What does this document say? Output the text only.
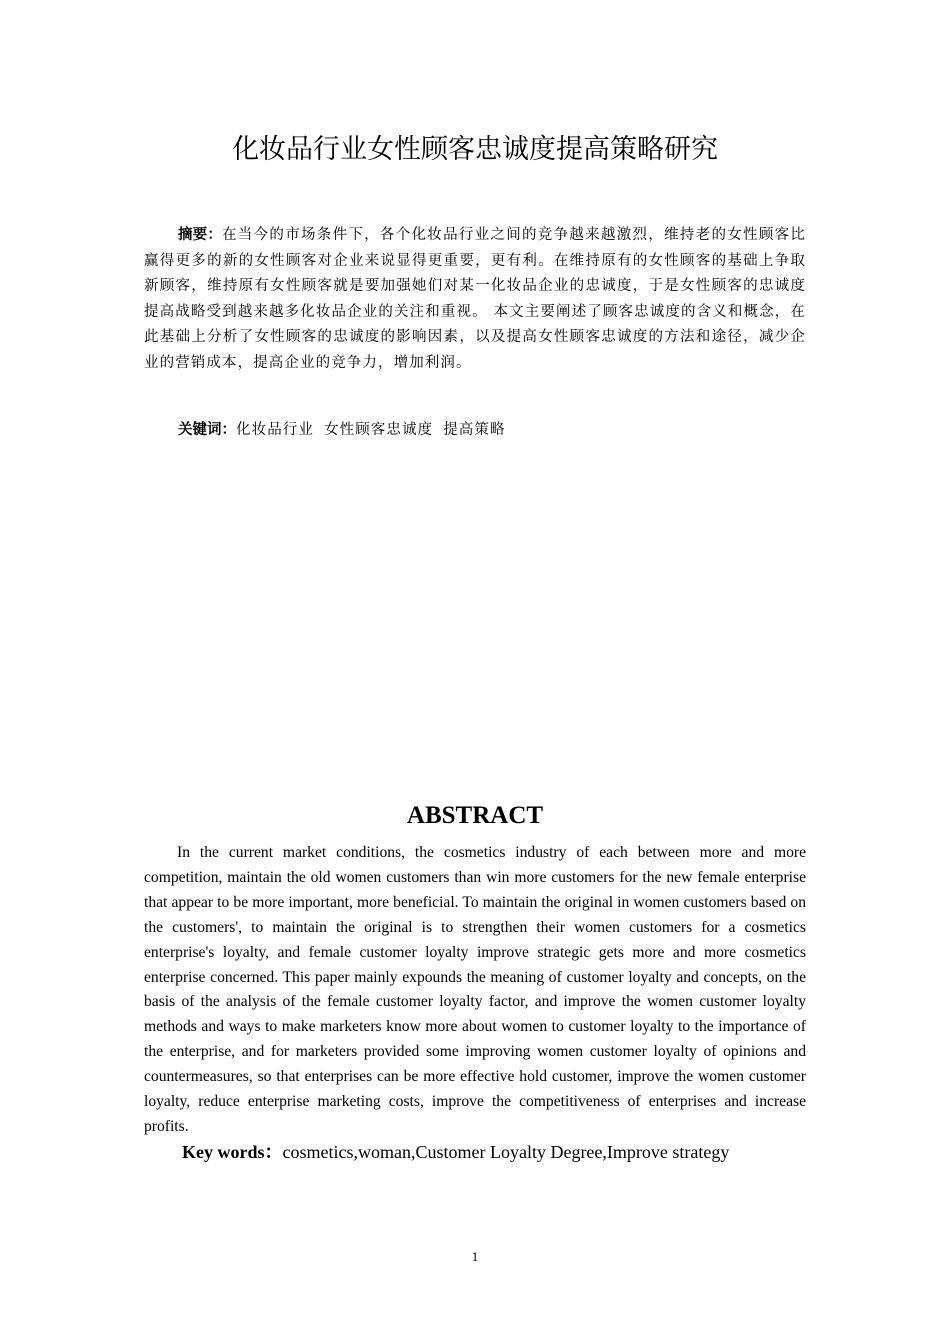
化妆品行业女性顾客忠诚度提高策略研究

摘要：在当今的市场条件下，各个化妆品行业之间的竞争越来越激烈，维持老的女性顾客比赢得更多的新的女性顾客对企业来说显得更重要，更有利。在维持原有的女性顾客的基础上争取新顾客，维持原有女性顾客就是要加强她们对某一化妆品企业的忠诚度，于是女性顾客的忠诚度提高战略受到越来越多化妆品企业的关注和重视。 本文主要阐述了顾客忠诚度的含义和概念，在此基础上分析了女性顾客的忠诚度的影响因素，以及提高女性顾客忠诚度的方法和途径，减少企业的营销成本，提高企业的竞争力，增加利润。

关键词：化妆品行业 女性顾客忠诚度 提高策略

ABSTRACT

In the current market conditions, the cosmetics industry of each between more and more competition, maintain the old women customers than win more customers for the new female enterprise that appear to be more important, more beneficial. To maintain the original in women customers based on the customers', to maintain the original is to strengthen their women customers for a cosmetics enterprise's loyalty, and female customer loyalty improve strategic gets more and more cosmetics enterprise concerned. This paper mainly expounds the meaning of customer loyalty and concepts, on the basis of the analysis of the female customer loyalty factor, and improve the women customer loyalty methods and ways to make marketers know more about women to customer loyalty to the importance of the enterprise, and for marketers provided some improving women customer loyalty of opinions and countermeasures, so that enterprises can be more effective hold customer, improve the women customer loyalty, reduce enterprise marketing costs, improve the competitiveness of enterprises and increase profits.

Key words：cosmetics,woman,Customer Loyalty Degree,Improve strategy

1
